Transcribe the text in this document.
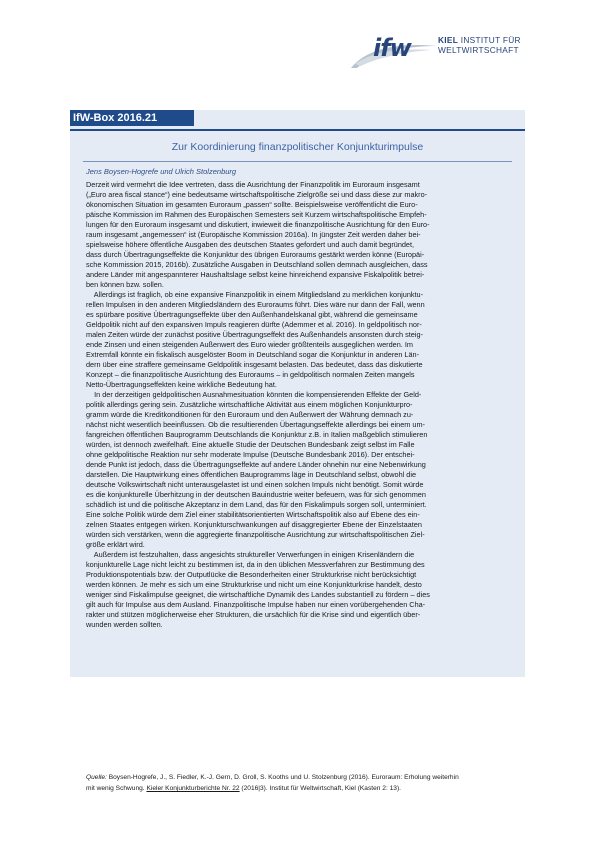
ifw	KIEL INSTITUT FÜR
WELTWIRTSCHAFT
IfW-Box 2016.21
Zur Koordinierung finanzpolitischer Konjunkturimpulse
Jens Boysen-Hogrefe und Ulrich Stolzenburg
Derzeit wird vermehrt die Idee vertreten, dass die Ausrichtung der Finanzpolitik im Euroraum insgesamt
(„Euro area fiscal stance“) eine bedeutsame wirtschaftspolitische Zielgröße sei und dass diese zur makro-
ökonomischen Situation im gesamten Euroraum „passen“ sollte. Beispielsweise veröffentlicht die Euro-
päische Kommission im Rahmen des Europäischen Semesters seit Kurzem wirtschaftspolitische Empfeh-
lungen für den Euroraum insgesamt und diskutiert, inwieweit die finanzpolitische Ausrichtung für den Euro-
raum insgesamt „angemessen“ ist (Europäische Kommission 2016a). In jüngster Zeit werden daher bei-
spielsweise höhere öffentliche Ausgaben des deutschen Staates gefordert und auch damit begründet,
dass durch Übertragungseffekte die Konjunktur des übrigen Euroraums gestärkt werden könne (Europäi-
sche Kommission 2015, 2016b). Zusätzliche Ausgaben in Deutschland sollen demnach ausgleichen, dass
andere Länder mit angespannterer Haushaltslage selbst keine hinreichend expansive Fiskalpolitik betrei-
ben können bzw. sollen.
Allerdings ist fraglich, ob eine expansive Finanzpolitik in einem Mitgliedsland zu merklichen konjunktu-
rellen Impulsen in den anderen Mitgliedsländern des Euroraums führt. Dies wäre nur dann der Fall, wenn
es spürbare positive Übertragungseffekte über den Außenhandelskanal gibt, während die gemeinsame
Geldpolitik nicht auf den expansiven Impuls reagieren dürfte (Ademmer et al. 2016). In geldpolitisch nor-
malen Zeiten würde der zunächst positive Übertragungseffekt des Außenhandels ansonsten durch steig-
ende Zinsen und einen steigenden Außenwert des Euro wieder größtenteils ausgeglichen werden. Im
Extremfall könnte ein fiskalisch ausgelöster Boom in Deutschland sogar die Konjunktur in anderen Län-
dern über eine straffere gemeinsame Geldpolitik insgesamt belasten. Das bedeutet, dass das diskutierte
Konzept – die finanzpolitische Ausrichtung des Euroraums – in geldpolitisch normalen Zeiten mangels
Netto-Übertragungseffekten keine wirkliche Bedeutung hat.
In der derzeitigen geldpolitischen Ausnahmesituation könnten die kompensierenden Effekte der Geld-
politik allerdings gering sein. Zusätzliche wirtschaftliche Aktivität aus einem möglichen Konjunkturpro-
gramm würde die Kreditkonditionen für den Euroraum und den Außenwert der Währung demnach zu-
nächst nicht wesentlich beeinflussen. Ob die resultierenden Übertagungseffekte allerdings bei einem um-
fangreichen öffentlichen Bauprogramm Deutschlands die Konjunktur z.B. in Italien maßgeblich stimulieren
würden, ist dennoch zweifelhaft. Eine aktuelle Studie der Deutschen Bundesbank zeigt selbst im Falle
ohne geldpolitische Reaktion nur sehr moderate Impulse (Deutsche Bundesbank 2016). Der entschei-
dende Punkt ist jedoch, dass die Übertragungseffekte auf andere Länder ohnehin nur eine Nebenwirkung
darstellen. Die Hauptwirkung eines öffentlichen Bauprogramms läge in Deutschland selbst, obwohl die
deutsche Volkswirtschaft nicht unterausgelastet ist und einen solchen Impuls nicht benötigt. Somit würde
es die konjunkturelle Überhitzung in der deutschen Bauindustrie weiter befeuern, was für sich genommen
schädlich ist und die politische Akzeptanz in dem Land, das für den Fiskalimpuls sorgen soll, unterminiert.
Eine solche Politik würde dem Ziel einer stabilitätsorientierten Wirtschaftspolitik also auf Ebene des ein-
zelnen Staates entgegen wirken. Konjunkturschwankungen auf disaggregierter Ebene der Einzelstaaten
würden sich verstärken, wenn die aggregierte finanzpolitische Ausrichtung zur wirtschaftspolitischen Ziel-
größe erklärt wird.
Außerdem ist festzuhalten, dass angesichts struktureller Verwerfungen in einigen Krisenländern die
konjunkturelle Lage nicht leicht zu bestimmen ist, da in den üblichen Messverfahren zur Bestimmung des
Produktionspotentials bzw. der Outputlücke die Besonderheiten einer Strukturkrise nicht berücksichtigt
werden können. Je mehr es sich um eine Strukturkrise und nicht um eine Konjunkturkrise handelt, desto
weniger sind Fiskalimpulse geeignet, die wirtschaftliche Dynamik des Landes substantiell zu fördern – dies
gilt auch für Impulse aus dem Ausland. Finanzpolitische Impulse haben nur einen vorübergehenden Cha-
rakter und stützen möglicherweise eher Strukturen, die ursächlich für die Krise sind und eigentlich über-
wunden werden sollten.
Quelle: Boysen-Hogrefe, J., S. Fiedler, K.-J. Gern, D. Groll, S. Kooths und U. Stolzenburg (2016). Euroraum: Erholung weiterhin
mit wenig Schwung. Kieler Konjunkturberichte Nr. 22 (2016|3). Institut für Weltwirtschaft, Kiel (Kasten 2: 13).
